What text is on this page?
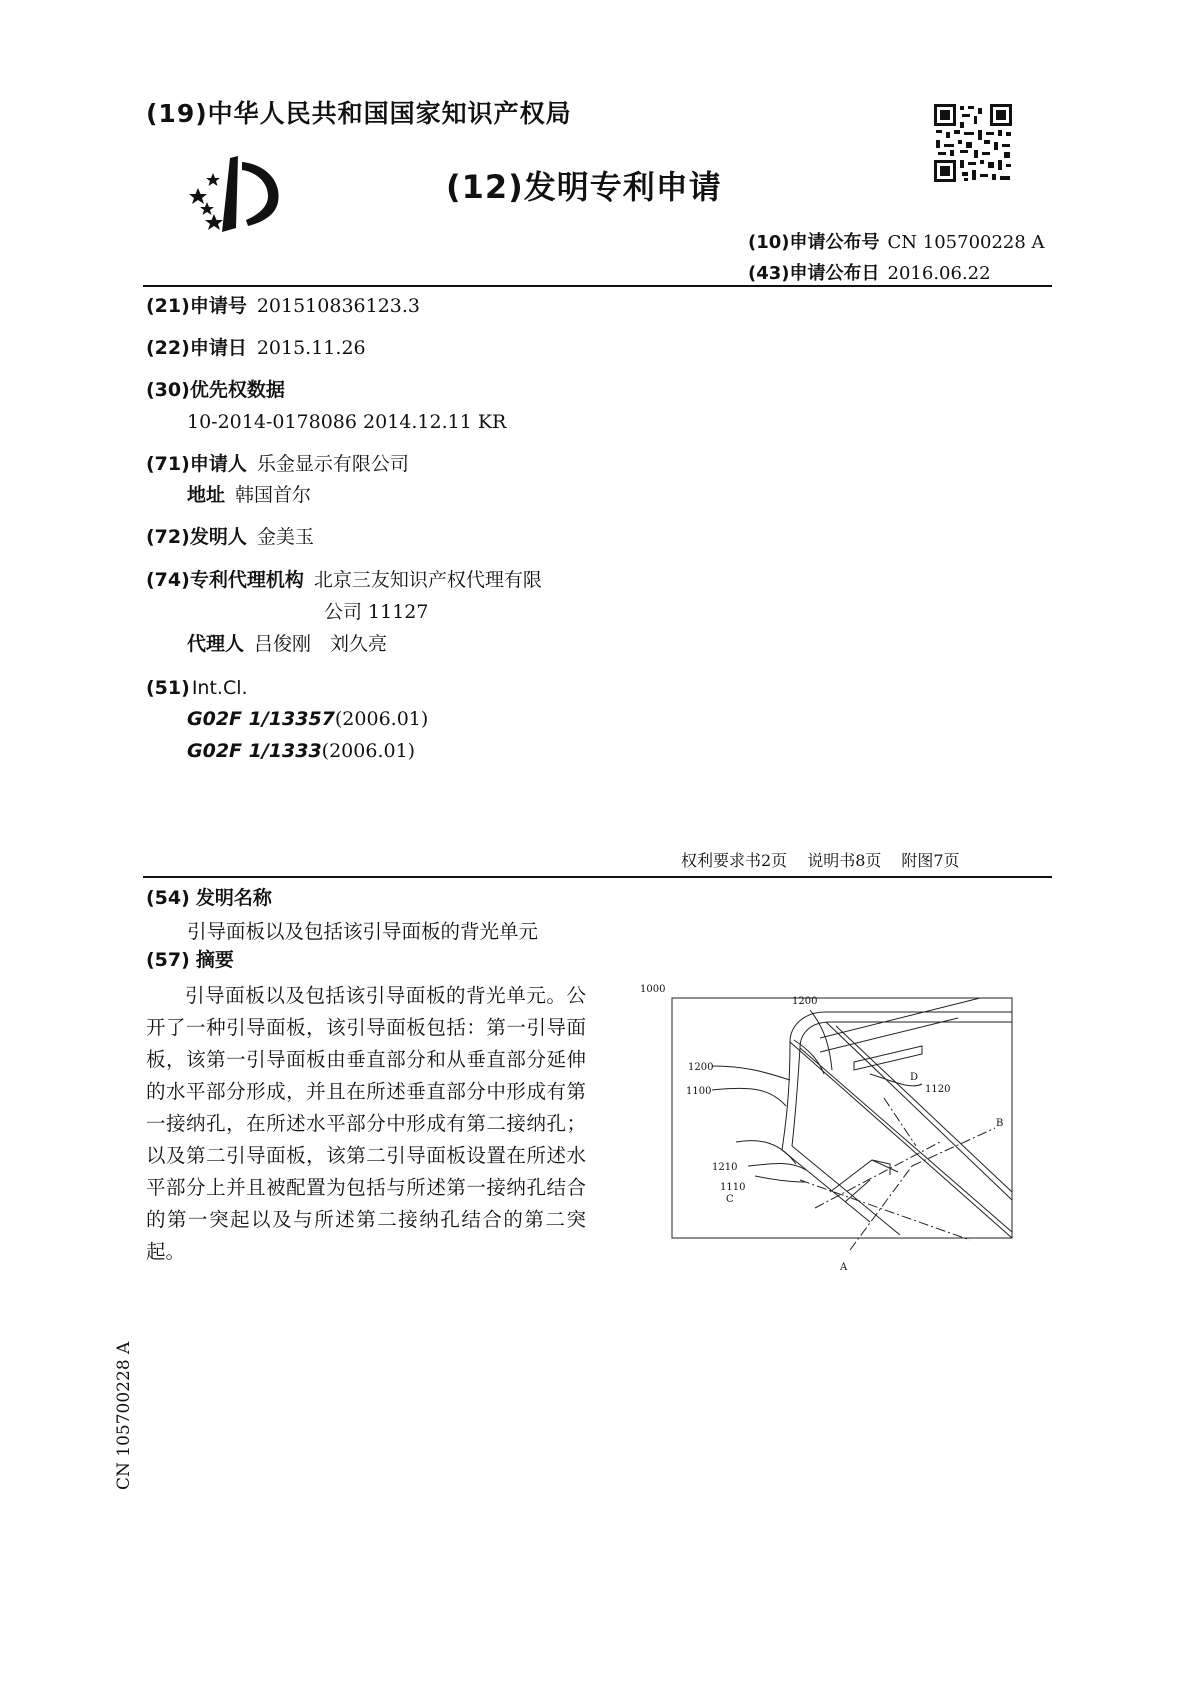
(19)中华人民共和国国家知识产权局
(12)发明专利申请
(10)申请公布号 CN 105700228 A
(43)申请公布日 2016.06.22
(21)申请号 201510836123.3
(22)申请日 2015.11.26
(30)优先权数据
10-2014-0178086 2014.12.11 KR
(71)申请人 乐金显示有限公司
地址 韩国首尔
(72)发明人 金美玉
(74)专利代理机构 北京三友知识产权代理有限
公司 11127
代理人 吕俊刚　刘久亮
(51) Int.Cl.
G02F 1/13357(2006.01)
G02F 1/1333(2006.01)
权利要求书2页 说明书8页 附图7页
(54) 发明名称
引导面板以及包括该引导面板的背光单元
(57) 摘要
引导面板以及包括该引导面板的背光单元。公开了一种引导面板，该引导面板包括：第一引导面板，该第一引导面板由垂直部分和从垂直部分延伸的水平部分形成，并且在所述垂直部分中形成有第一接纳孔，在所述水平部分中形成有第二接纳孔；以及第二引导面板，该第二引导面板设置在所述水平部分上并且被配置为包括与所述第一接纳孔结合的第一突起以及与所述第二接纳孔结合的第二突起。
1000
1200
1120
1200
1100
D
B
1210
1110
C
A
CN 105700228 A
